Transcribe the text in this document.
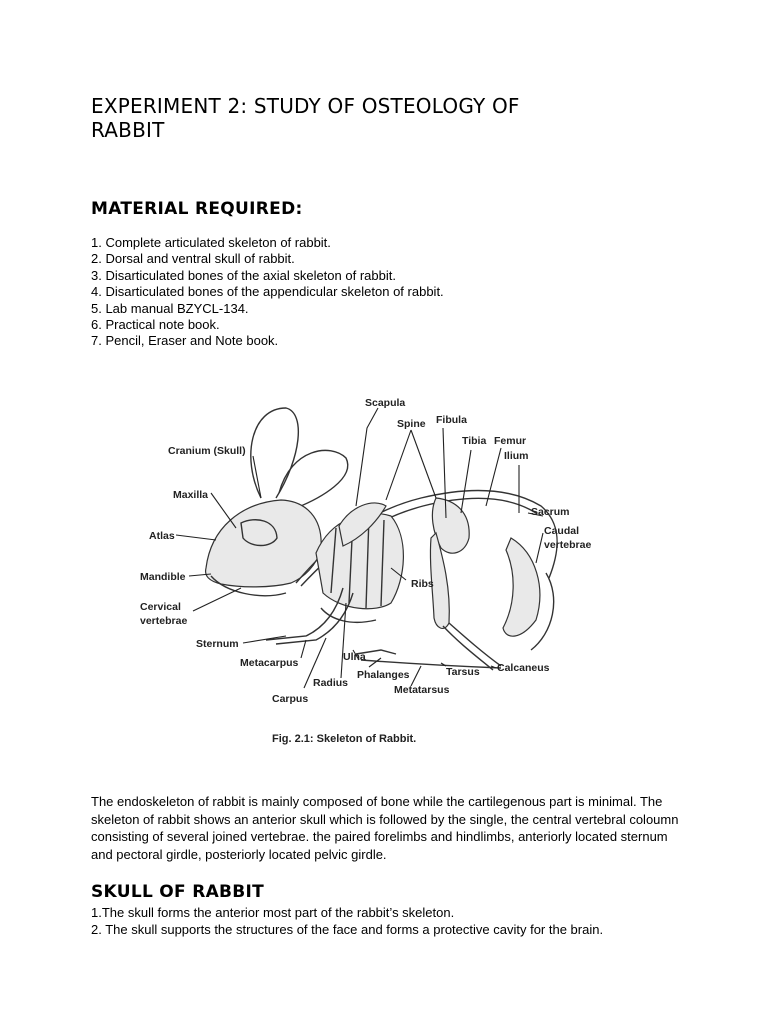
EXPERIMENT 2: STUDY OF OSTEOLOGY OF RABBIT
MATERIAL REQUIRED:
1. Complete articulated skeleton of rabbit.
2. Dorsal and ventral skull of rabbit.
3. Disarticulated bones of the axial skeleton of rabbit.
4. Disarticulated bones of the appendicular skeleton of rabbit.
5. Lab manual BZYCL-134.
6. Practical note book.
7. Pencil, Eraser and Note book.
Scapula
Spine Fibula
Tibia Femur
Ilium
Cranium (Skull)
Maxilla
Atlas
Mandible
Cervical
vertebrae
Sternum
Metacarpus
Radius
Carpus
Ulna
Phalanges
Metatarsus
Tarsus Calcaneus
Ribs
Sacrum
Caudal
vertebrae
Fig. 2.1: Skeleton of Rabbit.

The endoskeleton of rabbit is mainly composed of bone while the cartilegenous part is minimal. The skeleton of rabbit shows an anterior skull which is followed by the single, the central vertebral coloumn consisting of several joined vertebrae. the paired forelimbs and hindlimbs, anteriorly located sternum and pectoral girdle, posteriorly located pelvic girdle.

SKULL OF RABBIT
1.The skull forms the anterior most part of the rabbit’s skeleton.
2. The skull supports the structures of the face and forms a protective cavity for the brain.
